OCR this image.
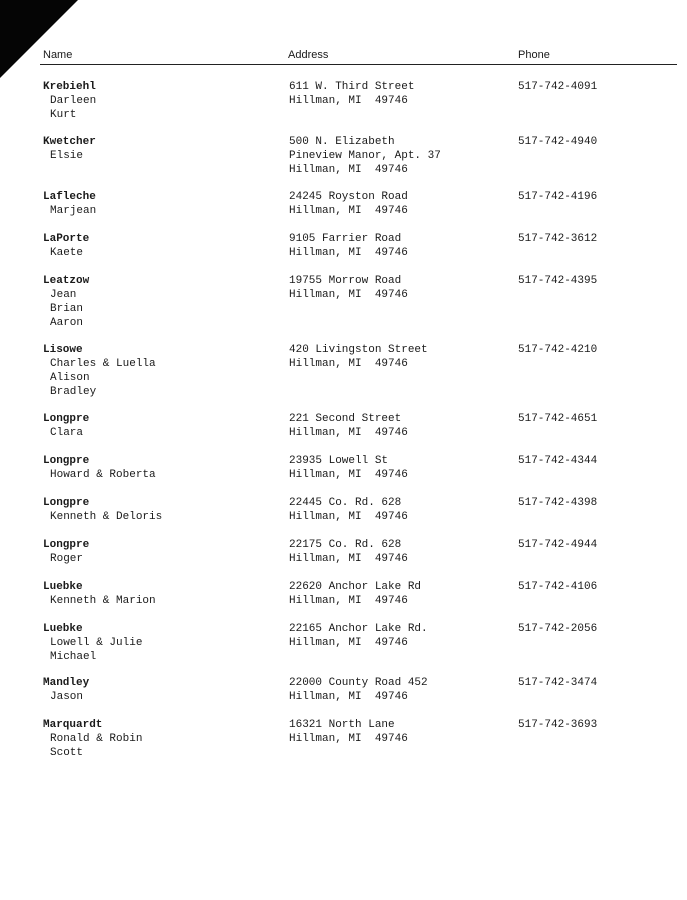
Name	Address	Phone
Krebiehl
Darleen
Kurt
611 W. Third Street
Hillman, MI  49746
517-742-4091
Kwetcher
Elsie
500 N. Elizabeth
Pineview Manor, Apt. 37
Hillman, MI  49746
517-742-4940
Lafleche
Marjean
24245 Royston Road
Hillman, MI  49746
517-742-4196
LaPorte
Kaete
9105 Farrier Road
Hillman, MI  49746
517-742-3612
Leatzow
Jean
Brian
Aaron
19755 Morrow Road
Hillman, MI  49746
517-742-4395
Lisowe
Charles & Luella
Alison
Bradley
420 Livingston Street
Hillman, MI  49746
517-742-4210
Longpre
Clara
221 Second Street
Hillman, MI  49746
517-742-4651
Longpre
Howard & Roberta
23935 Lowell St
Hillman, MI  49746
517-742-4344
Longpre
Kenneth & Deloris
22445 Co. Rd. 628
Hillman, MI  49746
517-742-4398
Longpre
Roger
22175 Co. Rd. 628
Hillman, MI  49746
517-742-4944
Luebke
Kenneth & Marion
22620 Anchor Lake Rd
Hillman, MI  49746
517-742-4106
Luebke
Lowell & Julie
Michael
22165 Anchor Lake Rd.
Hillman, MI  49746
517-742-2056
Mandley
Jason
22000 County Road 452
Hillman, MI  49746
517-742-3474
Marquardt
Ronald & Robin
Scott
16321 North Lane
Hillman, MI  49746
517-742-3693
